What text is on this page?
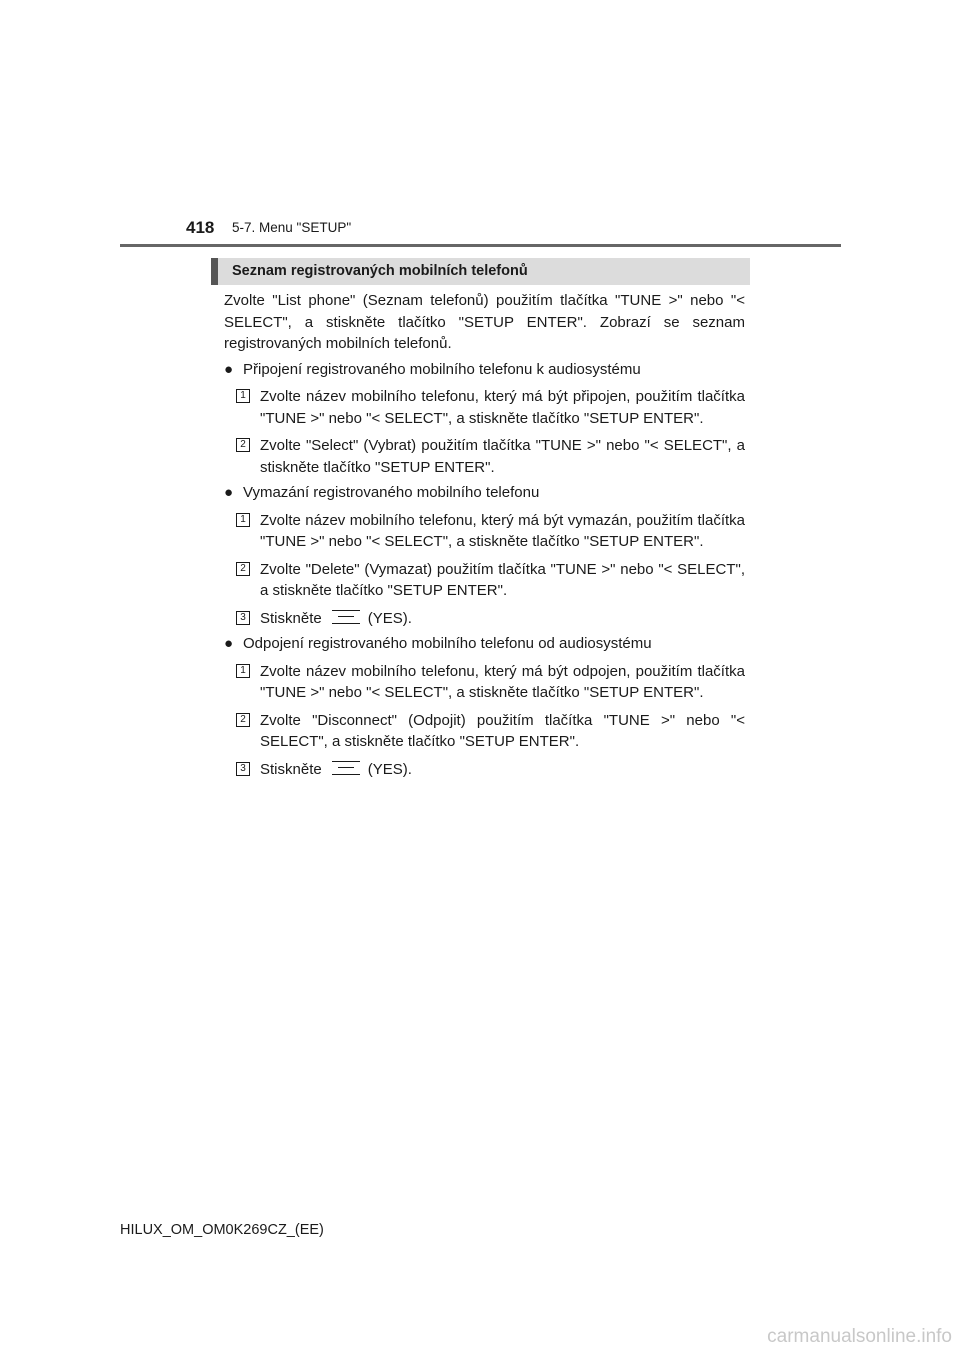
418 5-7. Menu "SETUP"
Seznam registrovaných mobilních telefonů

Zvolte "List phone" (Seznam telefonů) použitím tlačítka "TUNE >" nebo "< SELECT", a stiskněte tlačítko "SETUP ENTER". Zobrazí se seznam registrovaných mobilních telefonů.

● Připojení registrovaného mobilního telefonu k audiosystému
1 Zvolte název mobilního telefonu, který má být připojen, použitím tlačítka "TUNE >" nebo "< SELECT", a stiskněte tlačítko "SETUP ENTER".
2 Zvolte "Select" (Vybrat) použitím tlačítka "TUNE >" nebo "< SELECT", a stiskněte tlačítko "SETUP ENTER".
● Vymazání registrovaného mobilního telefonu
1 Zvolte název mobilního telefonu, který má být vymazán, použitím tlačítka "TUNE >" nebo "< SELECT", a stiskněte tlačítko "SETUP ENTER".
2 Zvolte "Delete" (Vymazat) použitím tlačítka "TUNE >" nebo "< SELECT", a stiskněte tlačítko "SETUP ENTER".
3 Stiskněte	(YES).
● Odpojení registrovaného mobilního telefonu od audiosystému
1 Zvolte název mobilního telefonu, který má být odpojen, použitím tlačítka "TUNE >" nebo "< SELECT", a stiskněte tlačítko "SETUP ENTER".
2 Zvolte "Disconnect" (Odpojit) použitím tlačítka "TUNE >" nebo "< SELECT", a stiskněte tlačítko "SETUP ENTER".
3 Stiskněte	(YES).
HILUX_OM_OM0K269CZ_(EE)
carmanualsonline.info
